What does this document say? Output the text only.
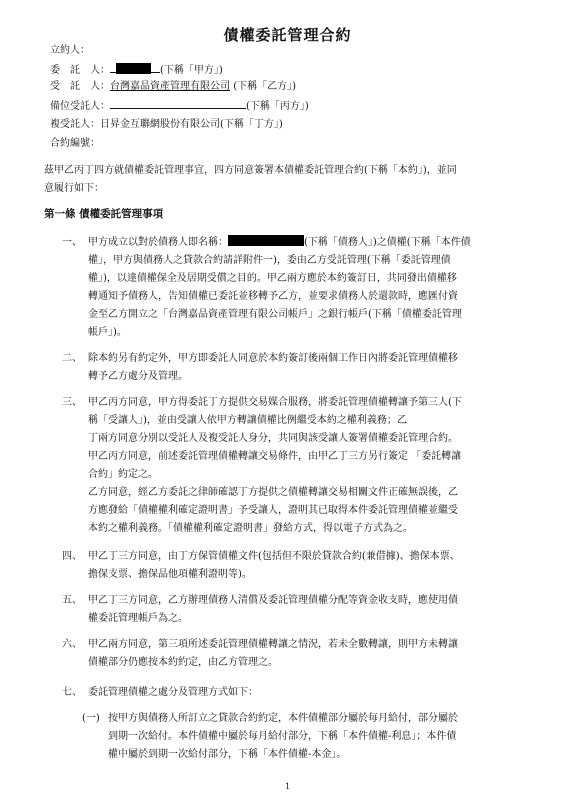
債權委託管理合約
立約人：
委　託　人：	(下稱「甲方」)
受　託　人：台灣嘉品資產管理有限公司 (下稱「乙方」)
備位受託人：	(下稱「丙方」)
複受託人：日昇金互聯網股份有限公司(下稱「丁方」)
合約編號：
茲甲乙丙丁四方就債權委託管理事宜，四方同意簽署本債權委託管理合約(下稱「本約」)，並同
意履行如下：
第一條 債權委託管理事項
一、 甲方成立以對於債務人即名稱：	(下稱「債務人」)之債權(下稱「本件債
權」，甲方與債務人之貸款合約請詳附件一)，委由乙方受託管理(下稱「委託管理債
權」)，以達債權保全及居期受償之目的。甲乙兩方應於本約簽訂日，共同發出債權移
轉通知予債務人，告知債權已委託並移轉予乙方，並要求債務人於還款時，應匯付資
金至乙方開立之「台灣嘉品資產管理有限公司帳戶」之銀行帳戶(下稱「債權委託管理
帳戶」)。
二、 除本約另有約定外，甲方即委託人同意於本約簽訂後兩個工作日內將委託管理債權移
轉予乙方處分及管理。
三、 甲乙丙方同意，甲方得委託丁方提供交易媒合服務，將委託管理債權轉讓予第三人(下
稱「受讓人」)，並由受讓人依甲方轉讓債權比例繼受本約之權利義務；乙
丁兩方同意分別以受託人及複受託人身分，共同與該受讓人簽署債權委託管理合約。
甲乙丙方同意，前述委託管理債權轉讓交易條件，由甲乙丁三方另行簽定 「委託轉讓
合約」約定之。
乙方同意，經乙方委託之律師確認丁方提供之債權轉讓交易相關文件正確無誤後，乙
方應發給「債權權利確定證明書」予受讓人，證明其已取得本件委託管理債權並繼受
本約之權利義務。「債權權利確定證明書」發給方式，得以電子方式為之。
四、 甲乙丁三方同意，由丁方保管債權文件(包括但不限於貸款合約(兼借據)、擔保本票、
擔保支票、擔保品他項權利證明等)。
五、 甲乙丁三方同意，乙方辦理債務人清償及委託管理債權分配等資金收支時，應使用債
權委託管理帳戶為之。
六、 甲乙兩方同意，第三項所述委託管理債權轉讓之情況，若未全數轉讓，則甲方未轉讓
債權部分仍應按本約約定，由乙方管理之。
七、 委託管理債權之處分及管理方式如下：
(一) 按甲方與債務人所訂立之貸款合約約定，本件債權部分屬於每月給付，部分屬於
到期一次給付。本件債權中屬於每月給付部分，下稱「本件債權-利息」；本件債
權中屬於到期一次給付部分，下稱「本件債權-本金」。
1
